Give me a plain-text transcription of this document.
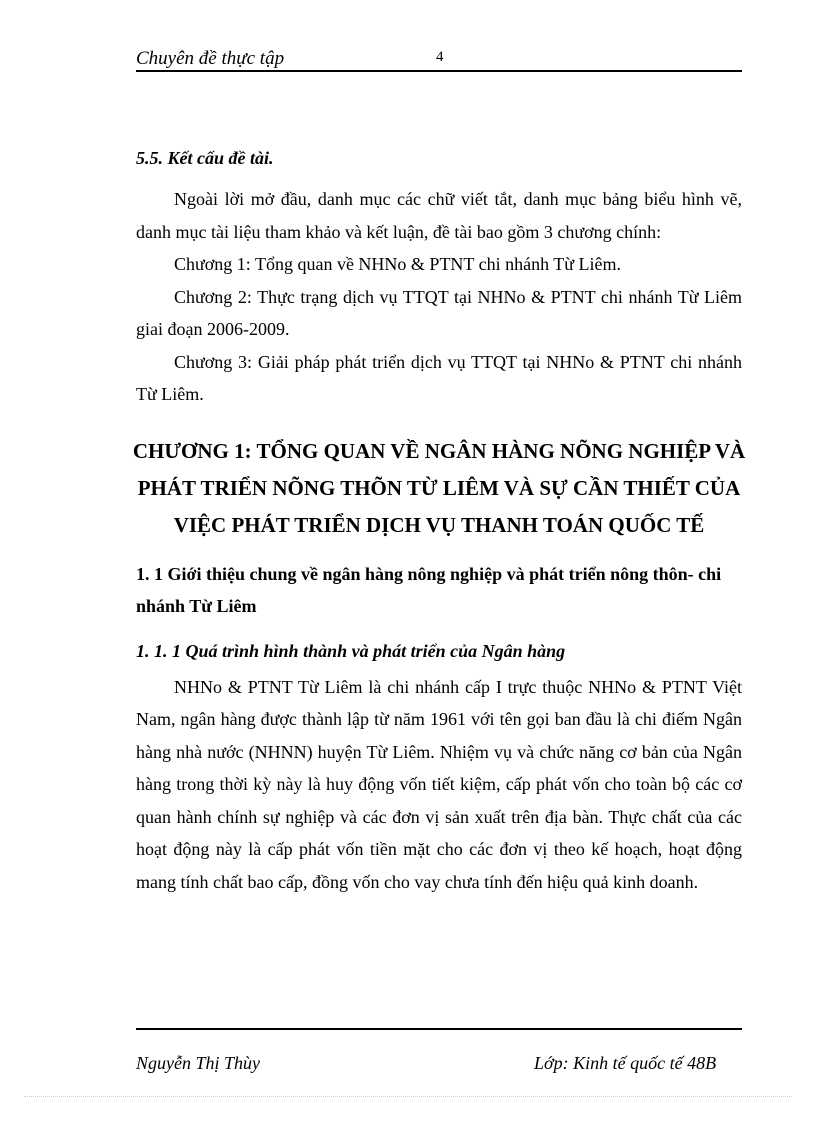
Chuyên đề thực tập	4
5.5. Kết cấu đề tài.

Ngoài lời mở đầu, danh mục các chữ viết tắt, danh mục bảng biểu hình vẽ, danh mục tài liệu tham khảo và kết luận, đề tài bao gồm 3 chương chính:

Chương 1: Tổng quan về NHNo & PTNT chi nhánh Từ Liêm.

Chương 2: Thực trạng dịch vụ TTQT tại NHNo & PTNT chi nhánh Từ Liêm giai đoạn 2006-2009.

Chương 3: Giải pháp phát triển dịch vụ TTQT tại NHNo & PTNT chi nhánh Từ Liêm.

CHƯƠNG 1: TỔNG QUAN VỀ NGÂN HÀNG NÕNG NGHIỆP VÀ PHÁT TRIỂN NÕNG THÕN TỪ LIÊM VÀ SỰ CẦN THIẾT CỦA VIỆC PHÁT TRIỂN DỊCH VỤ THANH TOÁN QUỐC TẾ
1. 1 Giới thiệu chung về ngân hàng nông nghiệp và phát triển nông thôn- chi nhánh Từ Liêm
1. 1. 1 Quá trình hình thành và phát triển của Ngân hàng

NHNo & PTNT Từ Liêm là chi nhánh cấp I trực thuộc NHNo & PTNT Việt Nam, ngân hàng được thành lập từ năm 1961 với tên gọi ban đầu là chi điếm Ngân hàng nhà nước (NHNN) huyện Từ Liêm. Nhiệm vụ và chức năng cơ bản của Ngân hàng trong thời kỳ này là huy động vốn tiết kiệm, cấp phát vốn cho toàn bộ các cơ quan hành chính sự nghiệp và các đơn vị sản xuất trên địa bàn. Thực chất của các hoạt động này là cấp phát vốn tiền mặt cho các đơn vị theo kế hoạch, hoạt động mang tính chất bao cấp, đồng vốn cho vay chưa tính đến hiệu quả kinh doanh.

Nguyễn Thị Thùy	Lớp: Kinh tế quốc tế 48B
